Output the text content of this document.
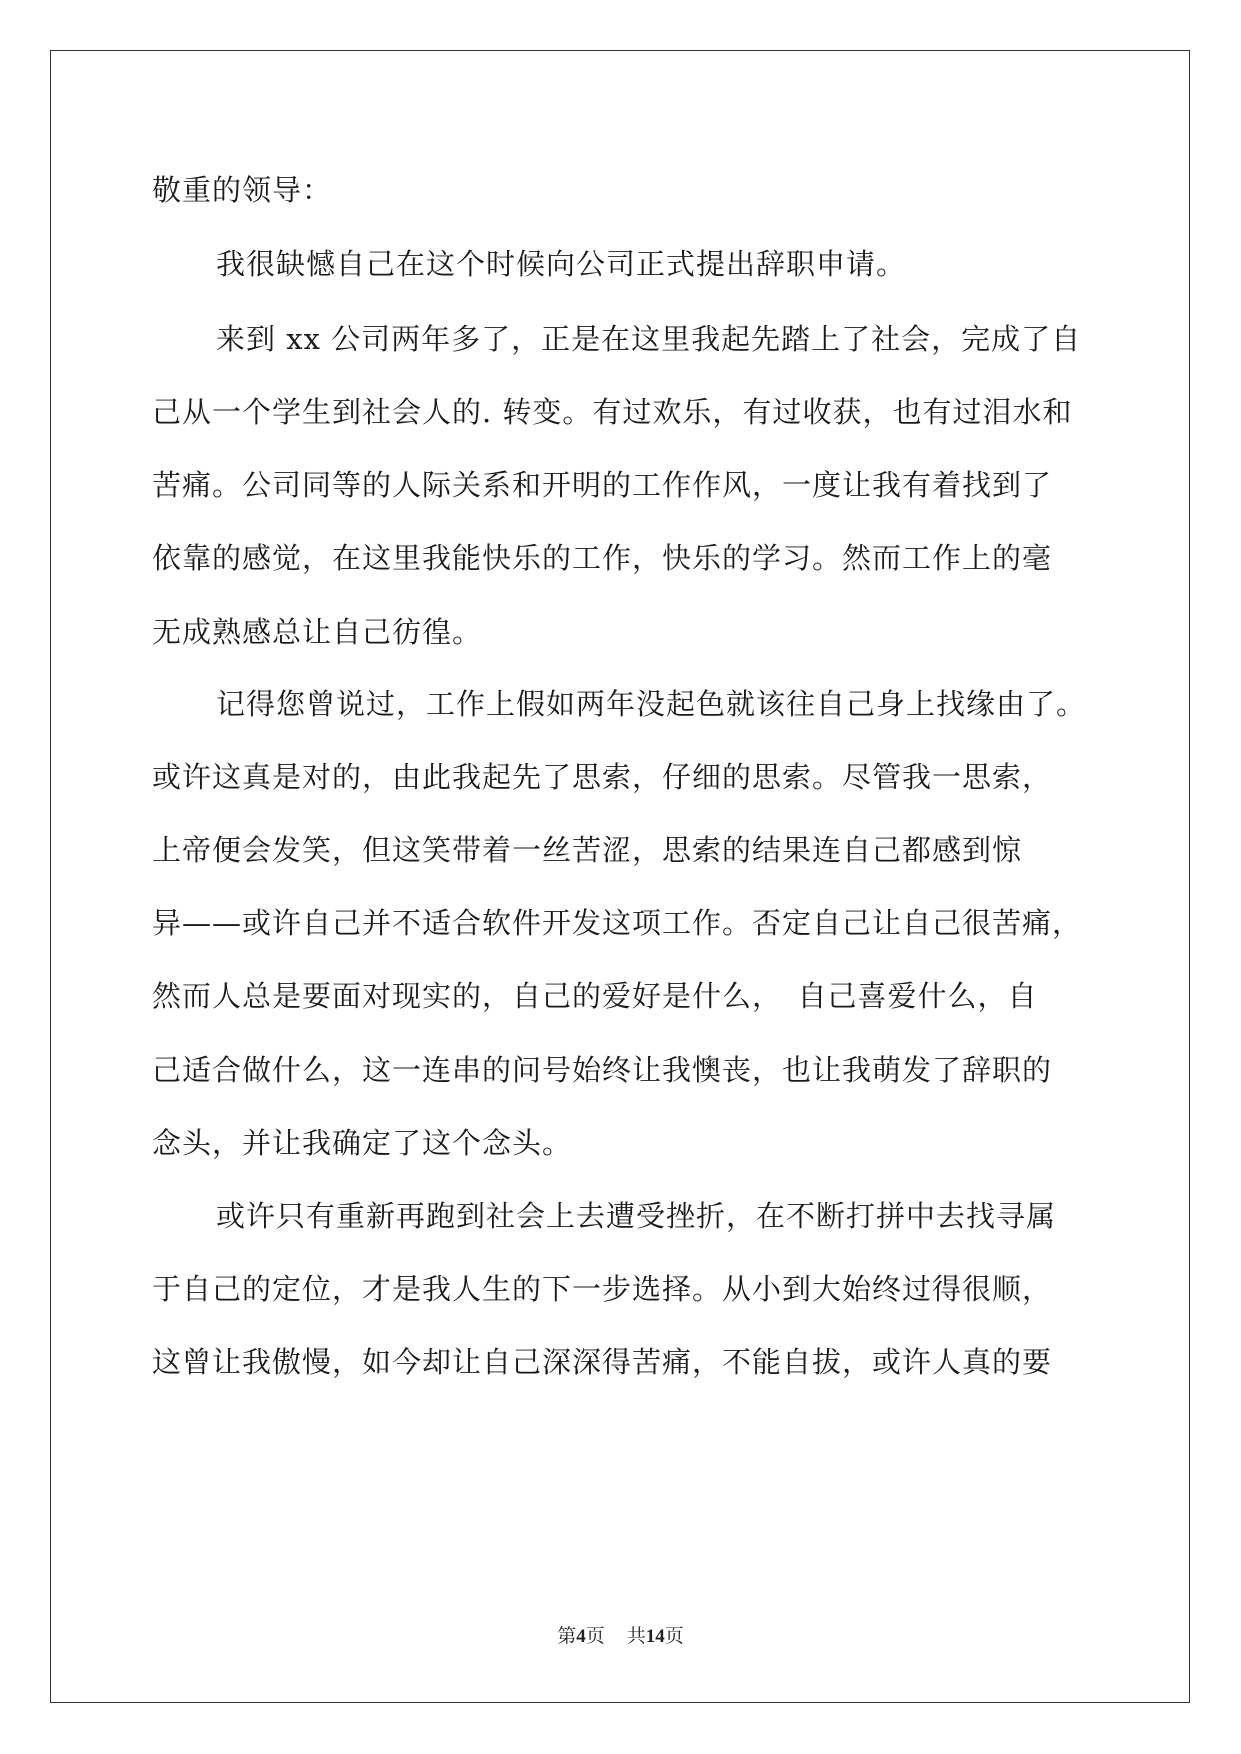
敬重的领导：
我很缺憾自己在这个时候向公司正式提出辞职申请。
来到 xx 公司两年多了，正是在这里我起先踏上了社会，完成了自
己从一个学生到社会人的. 转变。有过欢乐，有过收获，也有过泪水和
苦痛。公司同等的人际关系和开明的工作作风，一度让我有着找到了
依靠的感觉，在这里我能快乐的工作，快乐的学习。然而工作上的毫
无成熟感总让自己彷徨。
记得您曾说过，工作上假如两年没起色就该往自己身上找缘由了。
或许这真是对的，由此我起先了思索，仔细的思索。尽管我一思索，
上帝便会发笑，但这笑带着一丝苦涩，思索的结果连自己都感到惊
异——或许自己并不适合软件开发这项工作。否定自己让自己很苦痛，
然而人总是要面对现实的，自己的爱好是什么，　自己喜爱什么，自
己适合做什么，这一连串的问号始终让我懊丧，也让我萌发了辞职的
念头，并让我确定了这个念头。
或许只有重新再跑到社会上去遭受挫折，在不断打拼中去找寻属
于自己的定位，才是我人生的下一步选择。从小到大始终过得很顺，
这曾让我傲慢，如今却让自己深深得苦痛，不能自拔，或许人真的要
第4页 共14页
